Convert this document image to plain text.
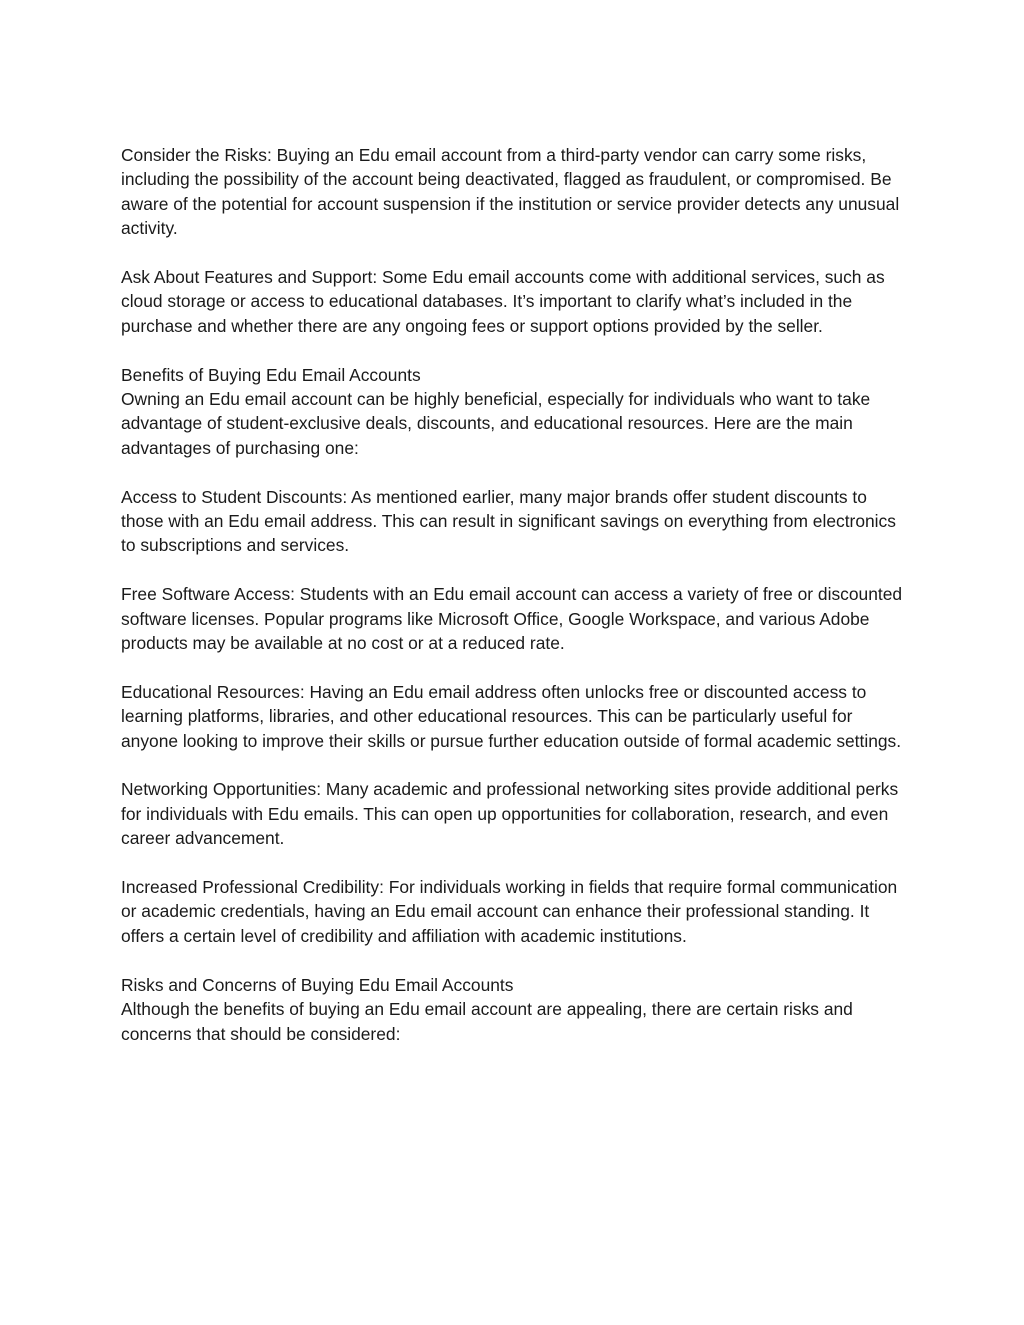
Consider the Risks: Buying an Edu email account from a third-party vendor can carry some risks, including the possibility of the account being deactivated, flagged as fraudulent, or compromised. Be aware of the potential for account suspension if the institution or service provider detects any unusual activity.

Ask About Features and Support: Some Edu email accounts come with additional services, such as cloud storage or access to educational databases. It’s important to clarify what’s included in the purchase and whether there are any ongoing fees or support options provided by the seller.

Benefits of Buying Edu Email Accounts
Owning an Edu email account can be highly beneficial, especially for individuals who want to take advantage of student-exclusive deals, discounts, and educational resources. Here are the main advantages of purchasing one:

Access to Student Discounts: As mentioned earlier, many major brands offer student discounts to those with an Edu email address. This can result in significant savings on everything from electronics to subscriptions and services.

Free Software Access: Students with an Edu email account can access a variety of free or discounted software licenses. Popular programs like Microsoft Office, Google Workspace, and various Adobe products may be available at no cost or at a reduced rate.

Educational Resources: Having an Edu email address often unlocks free or discounted access to learning platforms, libraries, and other educational resources. This can be particularly useful for anyone looking to improve their skills or pursue further education outside of formal academic settings.

Networking Opportunities: Many academic and professional networking sites provide additional perks for individuals with Edu emails. This can open up opportunities for collaboration, research, and even career advancement.

Increased Professional Credibility: For individuals working in fields that require formal communication or academic credentials, having an Edu email account can enhance their professional standing. It offers a certain level of credibility and affiliation with academic institutions.

Risks and Concerns of Buying Edu Email Accounts
Although the benefits of buying an Edu email account are appealing, there are certain risks and concerns that should be considered:
